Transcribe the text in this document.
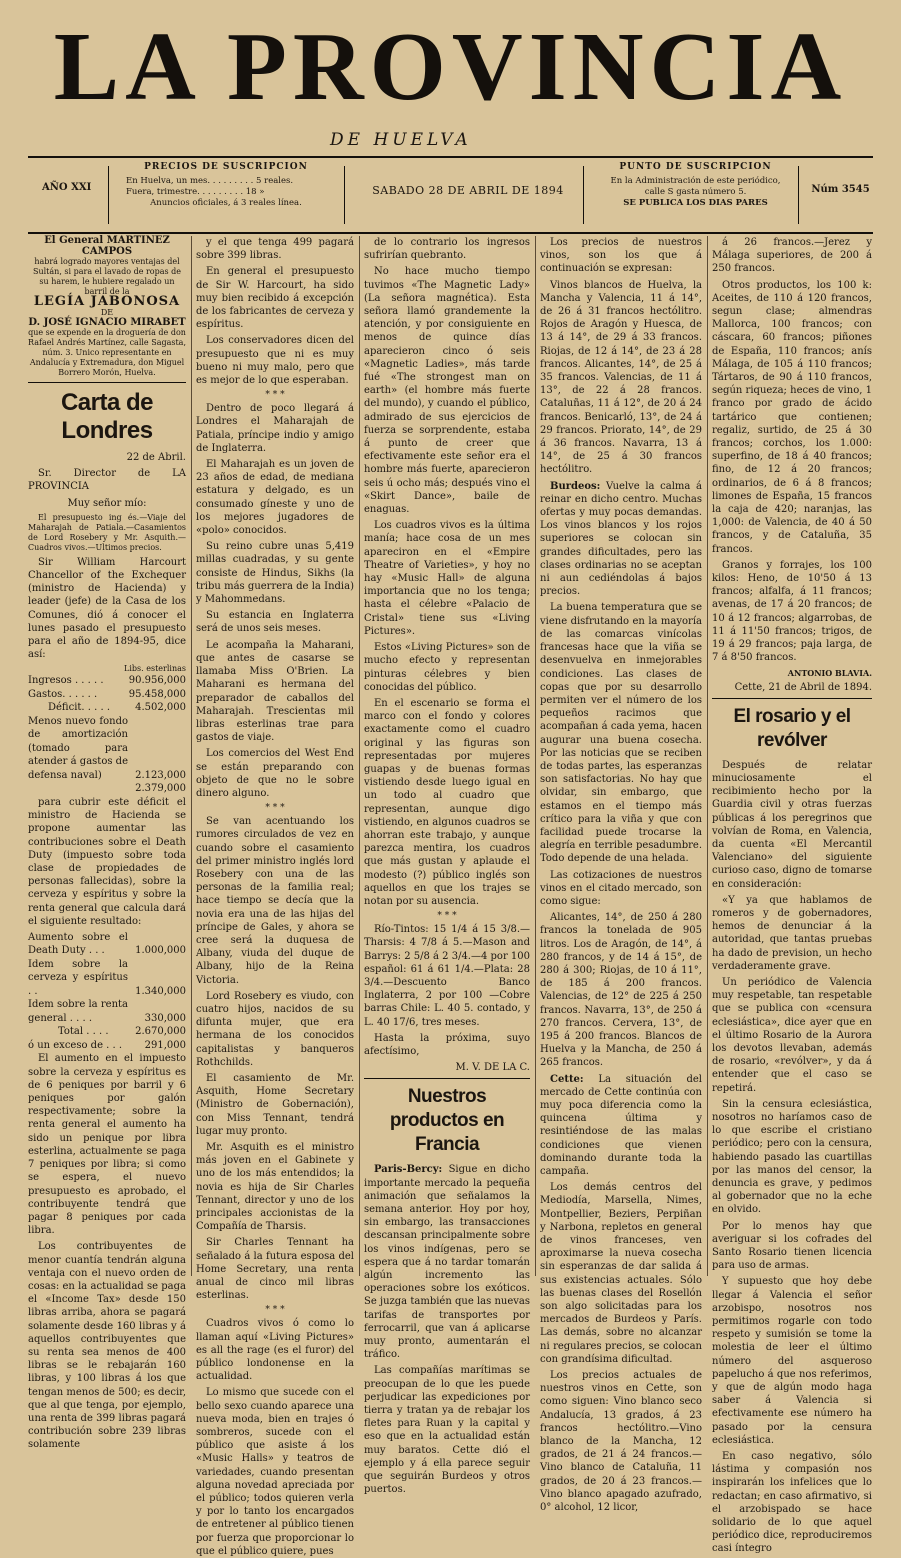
LA PROVINCIA
DE HUELVA
AÑO XXI
PRECIOS DE SUSCRIPCION

En Huelva, un mes. . . . . . . . . 5 reales.

Fuera, trimestre. . . . . . . . . 18 »

Anuncios oficiales, á 3 reales línea.

SABADO 28 DE ABRIL DE 1894
PUNTO DE SUSCRIPCION

En la Administración de este periódico,

calle S gasta número 5.

SE PUBLICA LOS DIAS PARES

Núm 3545
El General MARTINEZ CAMPOS
habrá logrado mayores ventajas del Sultán, si para el lavado de ropas de su harem, le hubiere regalado un barril de la
LEGÍA JABONOSA
DE
D. JOSÉ IGNACIO MIRABET
que se expende en la droguería de don Rafael Andrés Martínez, calle Sagasta, núm. 3. Unico representante en Andalucía y Extremadura, don Miguel Borrero Morón, Huelva.
Carta de Londres

22 de Abril.

Sr. Director de LA PROVINCIA

Muy señor mío:

El presupuesto ing és.—Viaje del Maharajah de Patiala.—Casamientos de Lord Rosebery y Mr. Asquith.—Cuadros vivos.—Ultimos precios.

Sir William Harcourt Chancellor of the Exchequer (ministro de Hacienda) y leader (jefe) de la Casa de los Comunes, dió á conocer el lunes pasado el presupuesto para el año de 1894-95, dice así:

Libs. esterlinas
Ingresos . . . . .	90.956,000
Gastos. . . . . .	95.458,000
Déficit. . . . .	4.502,000
Menos nuevo fondo de amortización (tomado para atender á gastos de defensa naval)	2.123,000
2.379,000

para cubrir este déficit el ministro de Hacienda se propone aumentar las contribuciones sobre el Death Duty (impuesto sobre toda clase de propiedades de personas fallecidas), sobre la cerveza y espíritus y sobre la renta general que calcula dará el siguiente resultado:

Aumento sobre el Death Duty . . .	1.000,000
Idem sobre la cerveza y espíritus . .	1.340,000
Idem sobre la renta general . . . .	330,000
Total . . . .	2.670,000
ó un exceso de . . . 291,000

El aumento en el impuesto sobre la cerveza y espíritus es de 6 peniques por barril y 6 peniques por galón respectivamente; sobre la renta general el aumento ha sido un penique por libra esterlina, actualmente se paga 7 peniques por libra; si como se espera, el nuevo presupuesto es aprobado, el contribuyente tendrá que pagar 8 peniques por cada libra.

Los contribuyentes de menor cuantía tendrán alguna ventaja con el nuevo orden de cosas: en la actualidad se paga el «Income Tax» desde 150 libras arriba, ahora se pagará solamente desde 160 libras y á aquellos contribuyentes que su renta sea menos de 400 libras se le rebajarán 160 libras, y 100 libras á los que tengan menos de 500; es decir, que al que tenga, por ejemplo, una renta de 399 libras pagará contribución sobre 239 libras solamente

y el que tenga 499 pagará sobre 399 libras.

En general el presupuesto de Sir W. Harcourt, ha sido muy bien recibido á excepción de los fabricantes de cerveza y espíritus.

Los conservadores dicen del presupuesto que ni es muy bueno ni muy malo, pero que es mejor de lo que esperaban.

* * *

Dentro de poco llegará á Londres el Maharajah de Patiala, príncipe indio y amigo de Inglaterra.

El Maharajah es un joven de 23 años de edad, de mediana estatura y delgado, es un consumado gíneste y uno de los mejores jugadores de «polo» conocidos.

Su reino cubre unas 5,419 millas cuadradas, y su gente consiste de Hindus, Sikhs (la tribu más guerrera de la India) y Mahommedans.

Su estancia en Inglaterra será de unos seis meses.

Le acompaña la Maharani, que antes de casarse se llamaba Miss O'Brien. La Maharani es hermana del preparador de caballos del Maharajah. Trescientas mil libras esterlinas trae para gastos de viaje.

Los comercios del West End se están preparando con objeto de que no le sobre dinero alguno.

* * *

Se van acentuando los rumores circulados de vez en cuando sobre el casamiento del primer ministro inglés lord Rosebery con una de las personas de la familia real; hace tiempo se decía que la novia era una de las hijas del príncipe de Gales, y ahora se cree será la duquesa de Albany, viuda del duque de Albany, hijo de la Reina Victoria.

Lord Rosebery es viudo, con cuatro hijos, nacidos de su difunta mujer, que era hermana de los conocidos capitalistas y banqueros Rothchilds.

El casamiento de Mr. Asquith, Home Secretary (Ministro de Gobernación), con Miss Tennant, tendrá lugar muy pronto.

Mr. Asquith es el ministro más joven en el Gabinete y uno de los más entendidos; la novia es hija de Sir Charles Tennant, director y uno de los principales accionistas de la Compañía de Tharsis.

Sir Charles Tennant ha señalado á la futura esposa del Home Secretary, una renta anual de cinco mil libras esterlinas.

* * *

Cuadros vivos ó como lo llaman aquí «Living Pictures» es all the rage (es el furor) del público londonense en la actualidad.

Lo mismo que sucede con el bello sexo cuando aparece una nueva moda, bien en trajes ó sombreros, sucede con el público que asiste á los «Music Halls» y teatros de variedades, cuando presentan alguna novedad apreciada por el público; todos quieren verla y por lo tanto los encargados de entretener al público tienen por fuerza que proporcionar lo que el público quiere, pues

de lo contrario los ingresos sufrirían quebranto.

No hace mucho tiempo tuvimos «The Magnetic Lady» (La señora magnética). Esta señora llamó grandemente la atención, y por consiguiente en menos de quince días aparecieron cinco ó seis «Magnetic Ladies», más tarde fué «The strongest man on earth» (el hombre más fuerte del mundo), y cuando el público, admirado de sus ejercicios de fuerza se sorprendente, estaba á punto de creer que efectivamente este señor era el hombre más fuerte, aparecieron seis ú ocho más; después vino el «Skirt Dance», baile de enaguas.

Los cuadros vivos es la última manía; hace cosa de un mes apareciron en el «Empire Theatre of Varieties», y hoy no hay «Music Hall» de alguna importancia que no los tenga; hasta el célebre «Palacio de Cristal» tiene sus «Living Pictures».

Estos «Living Pictures» son de mucho efecto y representan pinturas célebres y bien conocidas del público.

En el escenario se forma el marco con el fondo y colores exactamente como el cuadro original y las figuras son representadas por mujeres guapas y de buenas formas vistiendo desde luego igual en un todo al cuadro que representan, aunque digo vistiendo, en algunos cuadros se ahorran este trabajo, y aunque parezca mentira, los cuadros que más gustan y aplaude el modesto (?) público inglés son aquellos en que los trajes se notan por su ausencia.

* * *

Río-Tintos: 15 1/4 á 15 3/8.—Tharsis: 4 7/8 á 5.—Mason and Barrys: 2 5/8 á 2 3/4.—4 por 100 español: 61 á 61 1/4.—Plata: 28 3/4.—Descuento Banco Inglaterra, 2 por 100 —Cobre barras Chile: L. 40 5. contado, y L. 40 17/6, tres meses.

Hasta la próxima, suyo afectísimo,

M. V. DE LA C.

Nuestros productos en Francia

Paris-Bercy: Sigue en dicho importante mercado la pequeña animación que señalamos la semana anterior. Hoy por hoy, sin embargo, las transacciones descansan principalmente sobre los vinos indígenas, pero se espera que á no tardar tomarán algún incremento las operaciones sobre los exóticos. Se juzga también que las nuevas tarifas de transportes por ferrocarril, que van á aplicarse muy pronto, aumentarán el tráfico.

Las compañías marítimas se preocupan de lo que les puede perjudicar las expediciones por tierra y tratan ya de rebajar los fletes para Ruan y la capital y eso que en la actualidad están muy baratos. Cette dió el ejemplo y á ella parece seguir que seguirán Burdeos y otros puertos.

Los precios de nuestros vinos, son los que á continuación se expresan:

Vinos blancos de Huelva, la Mancha y Valencia, 11 á 14°, de 26 á 31 francos hectólitro. Rojos de Aragón y Huesca, de 13 á 14°, de 29 á 33 francos. Riojas, de 12 á 14°, de 23 á 28 francos. Alicantes, 14°, de 25 á 35 francos. Valencias, de 11 á 13°, de 22 á 28 francos. Cataluñas, 11 á 12°, de 20 á 24 francos. Benicarló, 13°, de 24 á 29 francos. Priorato, 14°, de 29 á 36 francos. Navarra, 13 á 14°, de 25 á 30 francos hectólitro.

Burdeos: Vuelve la calma á reinar en dicho centro. Muchas ofertas y muy pocas demandas. Los vinos blancos y los rojos superiores se colocan sin grandes dificultades, pero las clases ordinarias no se aceptan ni aun cediéndolas á bajos precios.

La buena temperatura que se viene disfrutando en la mayoría de las comarcas vinícolas francesas hace que la viña se desenvuelva en inmejorables condiciones. Las clases de copas que por su desarrollo permiten ver el número de los pequeños racimos que acompañan á cada yema, hacen augurar una buena cosecha. Por las noticias que se reciben de todas partes, las esperanzas son satisfactorias. No hay que olvidar, sin embargo, que estamos en el tiempo más crítico para la viña y que con facilidad puede trocarse la alegría en terrible pesadumbre. Todo depende de una helada.

Las cotizaciones de nuestros vinos en el citado mercado, son como sigue:

Alicantes, 14°, de 250 á 280 francos la tonelada de 905 litros. Los de Aragón, de 14°, á 280 francos, y de 14 á 15°, de 280 á 300; Riojas, de 10 á 11°, de 185 á 200 francos. Valencias, de 12° de 225 á 250 francos. Navarra, 13°, de 250 á 270 francos. Cervera, 13°, de 195 á 200 francos. Blancos de Huelva y la Mancha, de 250 á 265 francos.

Cette: La situación del mercado de Cette continúa con muy poca diferencia como la quincena última y resintiéndose de las malas condiciones que vienen dominando durante toda la campaña.

Los demás centros del Mediodía, Marsella, Nimes, Montpellier, Beziers, Perpiñan y Narbona, repletos en general de vinos franceses, ven aproximarse la nueva cosecha sin esperanzas de dar salida á sus existencias actuales. Sólo las buenas clases del Rosellón son algo solicitadas para los mercados de Burdeos y París. Las demás, sobre no alcanzar ni regulares precios, se colocan con grandísima dificultad.

Los precios actuales de nuestros vinos en Cette, son como siguen: Vino blanco seco Andalucía, 13 grados, á 23 francos hectólitro.—Vino blanco de la Mancha, 12 grados, de 21 á 24 francos.—Vino blanco de Cataluña, 11 grados, de 20 á 23 francos.—Vino blanco apagado azufrado, 0° alcohol, 12 licor,

á 26 francos.—Jerez y Málaga superiores, de 200 á 250 francos.

Otros productos, los 100 k: Aceites, de 110 á 120 francos, segun clase; almendras Mallorca, 100 francos; con cáscara, 60 francos; piñones de España, 110 francos; anís Málaga, de 105 á 110 francos; Tártaros, de 90 á 110 francos, según riqueza; heces de vino, 1 franco por grado de ácido tartárico que contienen; regaliz, surtido, de 25 á 30 francos; corchos, los 1.000: superfino, de 18 á 40 francos; fino, de 12 á 20 francos; ordinarios, de 6 á 8 francos; limones de España, 15 francos la caja de 420; naranjas, las 1,000: de Valencia, de 40 á 50 francos, y de Cataluña, 35 francos.

Granos y forrajes, los 100 kilos: Heno, de 10'50 á 13 francos; alfalfa, á 11 francos; avenas, de 17 á 20 francos; de 10 á 12 francos; algarrobas, de 11 á 11'50 francos; trigos, de 19 á 29 francos; paja larga, de 7 á 8'50 francos.

ANTONIO BLAVIA.

Cette, 21 de Abril de 1894.

El rosario y el revólver

Después de relatar minuciosamente el recibimiento hecho por la Guardia civil y otras fuerzas públicas á los peregrinos que volvían de Roma, en Valencia, da cuenta «El Mercantil Valenciano» del siguiente curioso caso, digno de tomarse en consideración:

«Y ya que hablamos de romeros y de gobernadores, hemos de denunciar á la autoridad, que tantas pruebas ha dado de prevision, un hecho verdaderamente grave.

Un periódico de Valencia muy respetable, tan respetable que se publica con «censura eclesiástica», dice ayer que en el último Rosario de la Aurora los devotos llevaban, además de rosario, «revólver», y da á entender que el caso se repetirá.

Sin la censura eclesiástica, nosotros no haríamos caso de lo que escribe el cristiano periódico; pero con la censura, habiendo pasado las cuartillas por las manos del censor, la denuncia es grave, y pedimos al gobernador que no la eche en olvido.

Por lo menos hay que averiguar si los cofrades del Santo Rosario tienen licencia para uso de armas.

Y supuesto que hoy debe llegar á Valencia el señor arzobispo, nosotros nos permitimos rogarle con todo respeto y sumisión se tome la molestia de leer el último número del asqueroso papelucho á que nos referimos, y que de algún modo haga saber á Valencia si efectivamente ese número ha pasado por la censura eclesiástica.

En caso negativo, sólo lástima y compasión nos inspirarán los infelices que lo redactan; en caso afirmativo, si el arzobispado se hace solidario de lo que aquel periódico dice, reproduciremos casi íntegro
